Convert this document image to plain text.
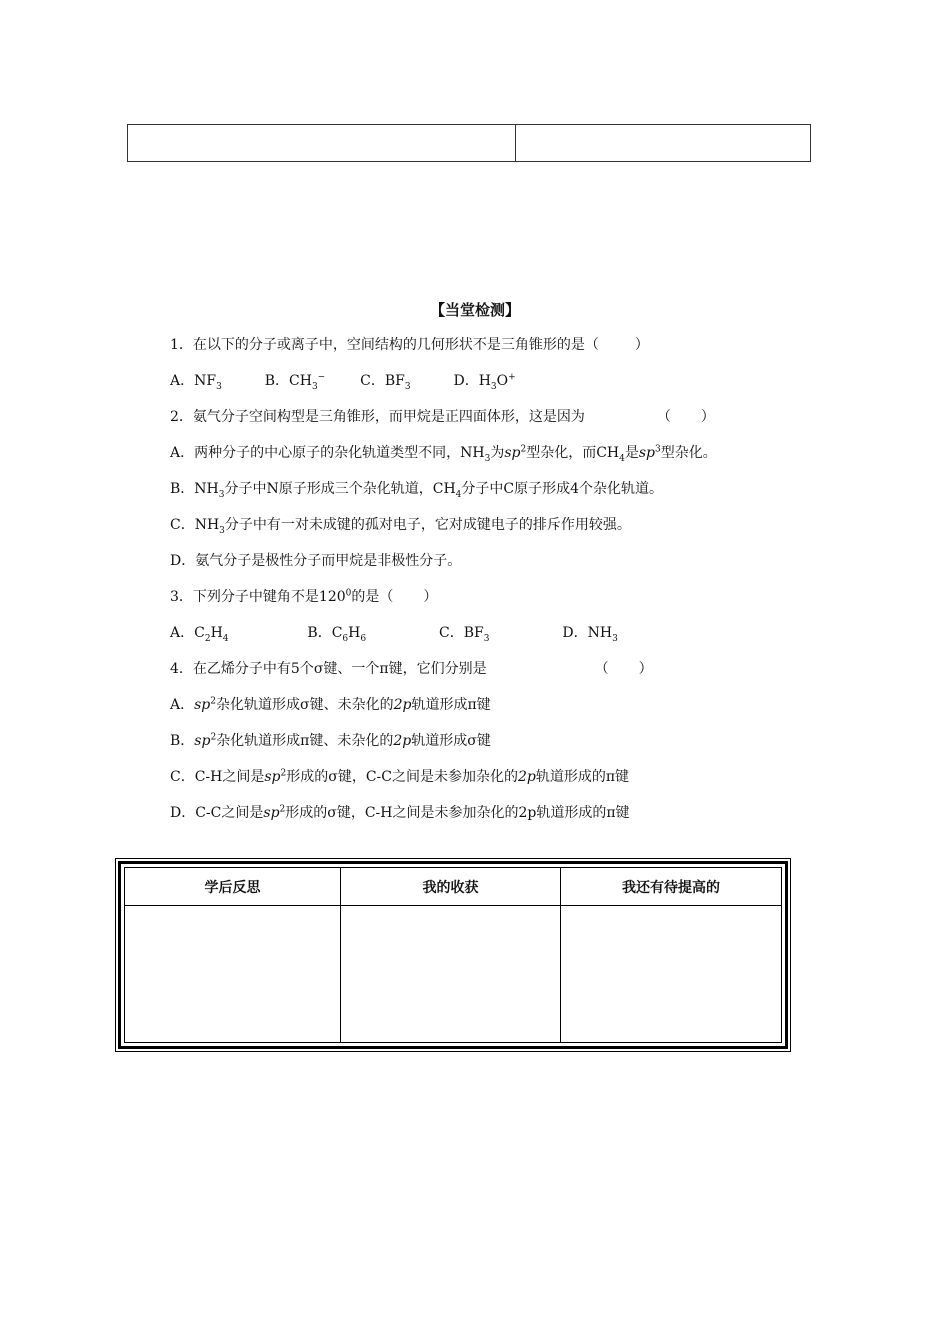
【当堂检测】
1．在以下的分子或离子中，空间结构的几何形状不是三角锥形的是（	）
A．$NF_3$	B．$CH_3^-$ C．$BF_3$	D．$H_3O^+$
2．氨气分子空间构型是三角锥形，而甲烷是正四面体形，这是因为	（ ）
A．两种分子的中心原子的杂化轨道类型不同，$NH_3$为$sp^2$型杂化，而$CH_4$是$sp^3$型杂化。
B．$NH_3$分子中N原子形成三个杂化轨道，$CH_4$分子中C原子形成4个杂化轨道。
C．$NH_3$分子中有一对未成键的孤对电子，它对成键电子的排斥作用较强。
D．氨气分子是极性分子而甲烷是非极性分子。
3．下列分子中键角不是$120^0$的是（ ）
A．$C_2H_4$	B．$C_6H_6$	C．$BF_3$	D．$NH_3$
4．在乙烯分子中有5个σ键、一个π键，它们分别是	（ ）
A．$sp^2$杂化轨道形成σ键、未杂化的2p轨道形成π键
B．$sp^2$杂化轨道形成π键、未杂化的2p轨道形成σ键
C．C-H之间是$sp^2$形成的σ键，C-C之间是未参加杂化的2p轨道形成的π键
D．C-C之间是$sp^2$形成的σ键，C-H之间是未参加杂化的2p轨道形成的π键
学后反思	我的收获	我还有待提高的
